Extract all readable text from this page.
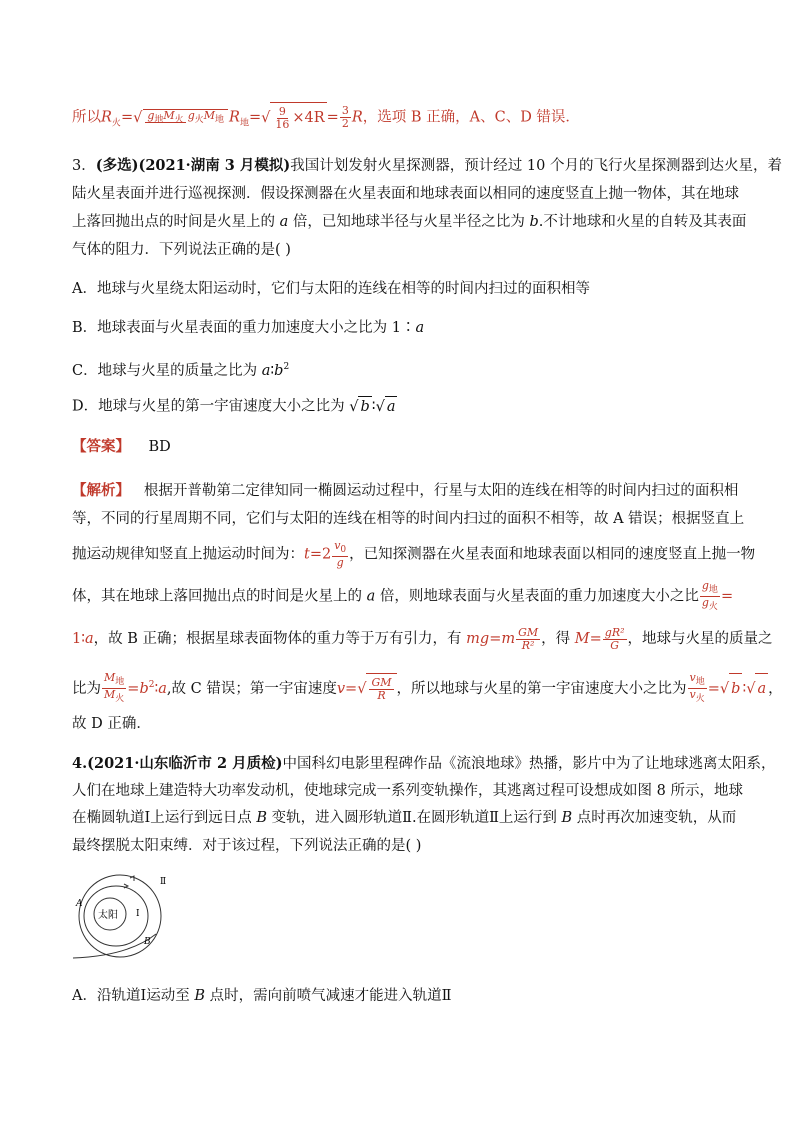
所以$R_火=√$ $g_地M_火$ $g_火M_地$ $R_地=√ \frac{9}{16} \times 4R = \frac{3}{2}$ R，选项 B 正确，A、C、D 错误．
3．(多选)(2021·湖南 3 月模拟)我国计划发射火星探测器，预计经过 10 个月的飞行火星探测器到达火星，着
陆火星表面并进行巡视探测．假设探测器在火星表面和地球表面以相同的速度竖直上抛一物体，其在地球
上落回抛出点的时间是火星上的 a 倍，已知地球半径与火星半径之比为 b.不计地球和火星的自转及其表面
气体的阻力．下列说法正确的是( )
A．地球与火星绕太阳运动时，它们与太阳的连线在相等的时间内扫过的面积相等
B．地球表面与火星表面的重力加速度大小之比为 1∶a
C．地球与火星的质量之比为 $a∶b^2$
D．地球与火星的第一宇宙速度大小之比为 √ b ∶√ a
【答案】 BD
【解析】 根据开普勒第二定律知同一椭圆运动过程中，行星与太阳的连线在相等的时间内扫过的面积相
等，不同的行星周期不同，它们与太阳的连线在相等的时间内扫过的面积不相等，故 A 错误；根据竖直上
抛运动规律知竖直上抛运动时间为：$t=2 \frac{v_0}{g}$ ，已知探测器在火星表面和地球表面以相同的速度竖直上抛一物
体，其在地球上落回抛出点的时间是火星上的 a 倍，则地球表面与火星表面的重力加速度大小之比 $\frac{g_地}{g_火}$ =
1∶a，故 B 正确；根据星球表面物体的重力等于万有引力，有 $mg=m \frac{GM}{\text{R²}}$ ，得 $M= \frac{\text{gR²}}{G}$ ，地球与火星的质量之
比为 $\frac{M_地}{M_火}$ $=b^2∶a$,故 C 错误；第一宇宙速度$v=√ \frac{GM}{R}$ ，所以地球与火星的第一宇宙速度大小之比为 $\frac{v_地}{v_火}$ =√ b ∶√ a ，
故 D 正确．
4.(2021·山东临沂市 2 月质检)中国科幻电影里程碑作品《流浪地球》热播，影片中为了让地球逃离太阳系，
人们在地球上建造特大功率发动机，使地球完成一系列变轨操作，其逃离过程可设想成如图 8 所示，地球
在椭圆轨道Ⅰ上运行到远日点 B 变轨，进入圆形轨道Ⅱ.在圆形轨道Ⅱ上运行到 B 点时再次加速变轨，从而
最终摆脱太阳束缚．对于该过程，下列说法正确的是( )
太阳
A
B
Ⅰ
Ⅱ
A．沿轨道Ⅰ运动至 B 点时，需向前喷气减速才能进入轨道Ⅱ
